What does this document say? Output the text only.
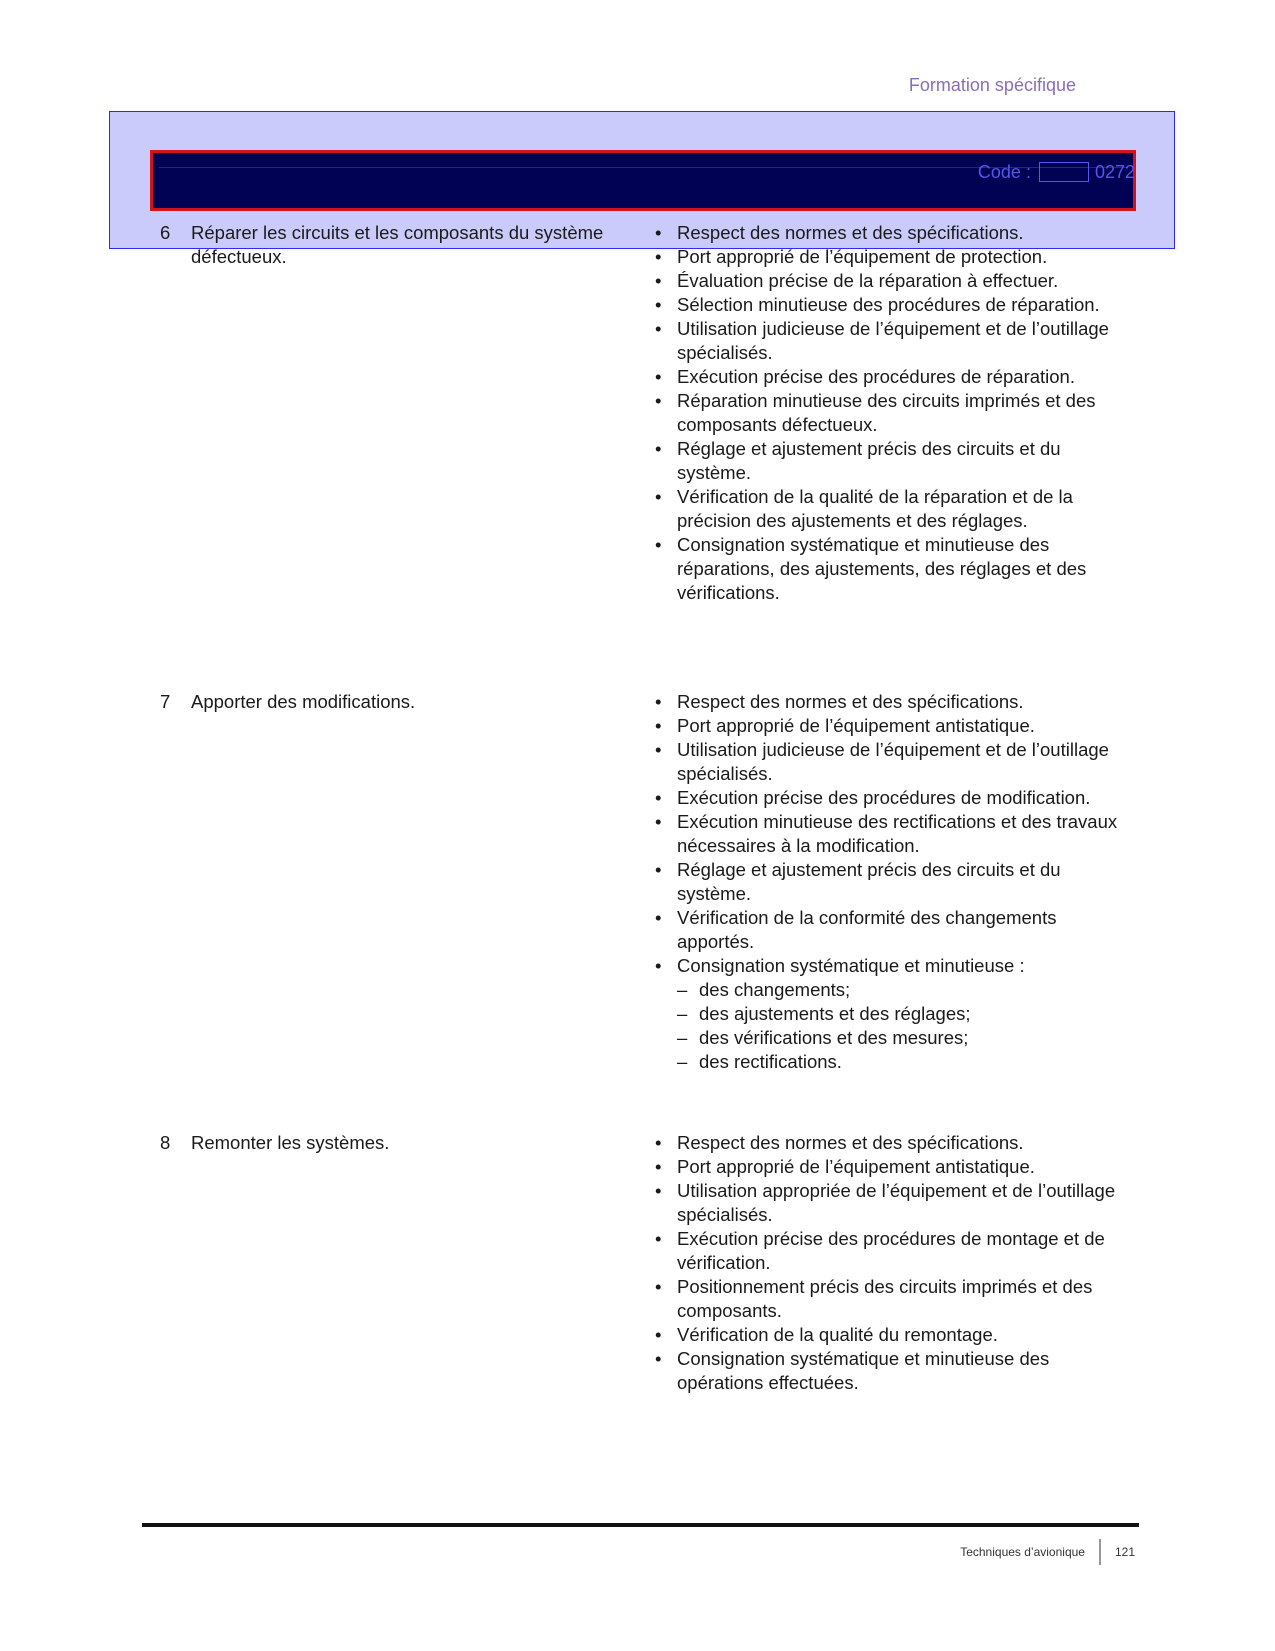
Formation spécifique
Code :	0272
6 Réparer les circuits et les composants du système défectueux.
• Respect des normes et des spécifications.
• Port approprié de l’équipement de protection.
• Évaluation précise de la réparation à effectuer.
• Sélection minutieuse des procédures de réparation.
• Utilisation judicieuse de l’équipement et de l’outillage spécialisés.
• Exécution précise des procédures de réparation.
• Réparation minutieuse des circuits imprimés et des composants défectueux.
• Réglage et ajustement précis des circuits et du système.
• Vérification de la qualité de la réparation et de la précision des ajustements et des réglages.
• Consignation systématique et minutieuse des réparations, des ajustements, des réglages et des vérifications.
7 Apporter des modifications.	• Respect des normes et des spécifications.
• Port approprié de l’équipement antistatique.
• Utilisation judicieuse de l’équipement et de l’outillage spécialisés.
• Exécution précise des procédures de modification.
• Exécution minutieuse des rectifications et des travaux nécessaires à la modification.
• Réglage et ajustement précis des circuits et du système.
• Vérification de la conformité des changements apportés.
• Consignation systématique et minutieuse :
– des changements;
– des ajustements et des réglages;
– des vérifications et des mesures;
– des rectifications.
8 Remonter les systèmes.	• Respect des normes et des spécifications.
• Port approprié de l’équipement antistatique.
• Utilisation appropriée de l’équipement et de l’outillage spécialisés.
• Exécution précise des procédures de montage et de vérification.
• Positionnement précis des circuits imprimés et des composants.
• Vérification de la qualité du remontage.
• Consignation systématique et minutieuse des opérations effectuées.
Techniques d’avionique	121
